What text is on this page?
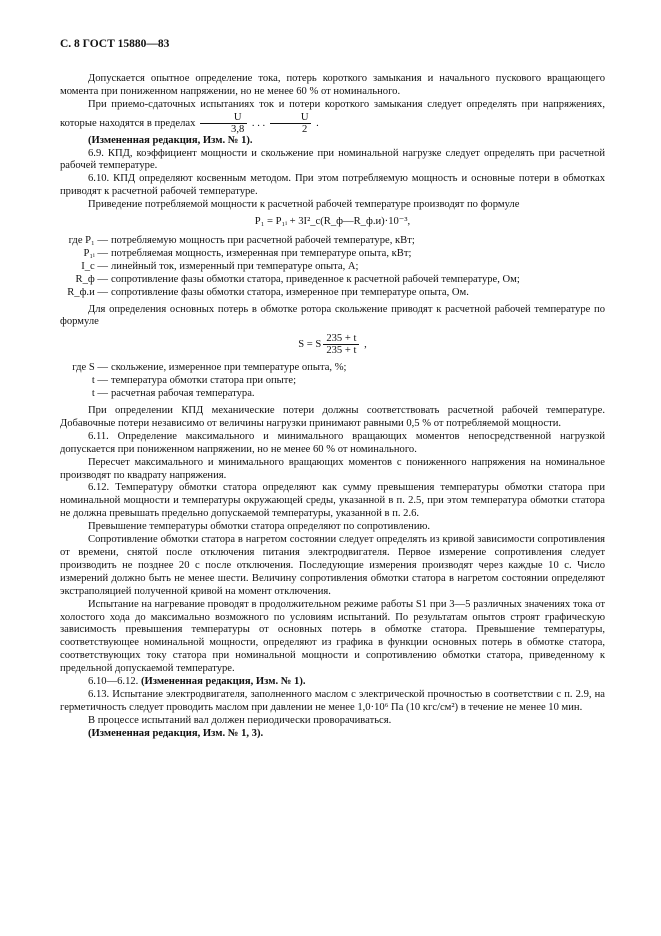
С. 8 ГОСТ 15880—83

Допускается опытное определение тока, потерь короткого замыкания и начального пускового вращающего момента при пониженном напряжении, но не менее 60 % от номинального.

При приемо-сдаточных испытаниях ток и потери короткого замыкания следует определять при напряжениях, которые находятся в пределах $\frac{U}{3,8}$ . . . $\frac{U}{2}$ .

(Измененная редакция, Изм. № 1).

6.9. КПД, коэффициент мощности и скольжение при номинальной нагрузке следует определять при расчетной рабочей температуре.

6.10. КПД определяют косвенным методом. При этом потребляемую мощность и основные потери в обмотках приводят к расчетной рабочей температуре.

Приведение потребляемой мощности к расчетной рабочей температуре производят по формуле

P₁ = P₁ᵢ + 3I²_c(R_ф—R_ф.и)·10⁻³,
где P₁ — потребляемую мощность при расчетной рабочей температуре, кВт;
P₁ᵢ — потребляемая мощность, измеренная при температуре опыта, кВт;
I_c — линейный ток, измеренный при температуре опыта, А;
R_ф — сопротивление фазы обмотки статора, приведенное к расчетной рабочей температуре, Ом;
R_ф.и — сопротивление фазы обмотки статора, измеренное при температуре опыта, Ом.

Для определения основных потерь в обмотке ротора скольжение приводят к расчетной рабочей температуре по формуле

S = S $\frac{235 + t}{235 + t}$ ,
где S — скольжение, измеренное при температуре опыта, %;
t — температура обмотки статора при опыте;
t — расчетная рабочая температура.

При определении КПД механические потери должны соответствовать расчетной рабочей температуре. Добавочные потери независимо от величины нагрузки принимают равными 0,5 % от потребляемой мощности.

6.11. Определение максимального и минимального вращающих моментов непосредственной нагрузкой допускается при пониженном напряжении, но не менее 60 % от номинального.

Пересчет максимального и минимального вращающих моментов с пониженного напряжения на номинальное производят по квадрату напряжения.

6.12. Температуру обмотки статора определяют как сумму превышения температуры обмотки статора при номинальной мощности и температуры окружающей среды, указанной в п. 2.5, при этом температура обмотки статора не должна превышать предельно допускаемой температуры, указанной в п. 2.6.

Превышение температуры обмотки статора определяют по сопротивлению.

Сопротивление обмотки статора в нагретом состоянии следует определять из кривой зависимости сопротивления от времени, снятой после отключения питания электродвигателя. Первое измерение сопротивления следует производить не позднее 20 с после отключения. Последующие измерения производят через каждые 10 с. Число измерений должно быть не менее шести. Величину сопротивления обмотки статора в нагретом состоянии определяют экстраполяцией полученной кривой на момент отключения.

Испытание на нагревание проводят в продолжительном режиме работы S1 при 3—5 различных значениях тока от холостого хода до максимально возможного по условиям испытаний. По результатам опытов строят графическую зависимость превышения температуры от основных потерь в обмотке статора. Превышение температуры, соответствующее номинальной мощности, определяют из графика в функции основных потерь в обмотке статора, соответствующих току статора при номинальной мощности и сопротивлению обмотки статора, приведенному к предельной допускаемой температуре.

6.10—6.12. (Измененная редакция, Изм. № 1).

6.13. Испытание электродвигателя, заполненного маслом с электрической прочностью в соответствии с п. 2.9, на герметичность следует проводить маслом при давлении не менее 1,0·10⁶ Па (10 кгс/см²) в течение не менее 10 мин.

В процессе испытаний вал должен периодически проворачиваться.

(Измененная редакция, Изм. № 1, 3).
